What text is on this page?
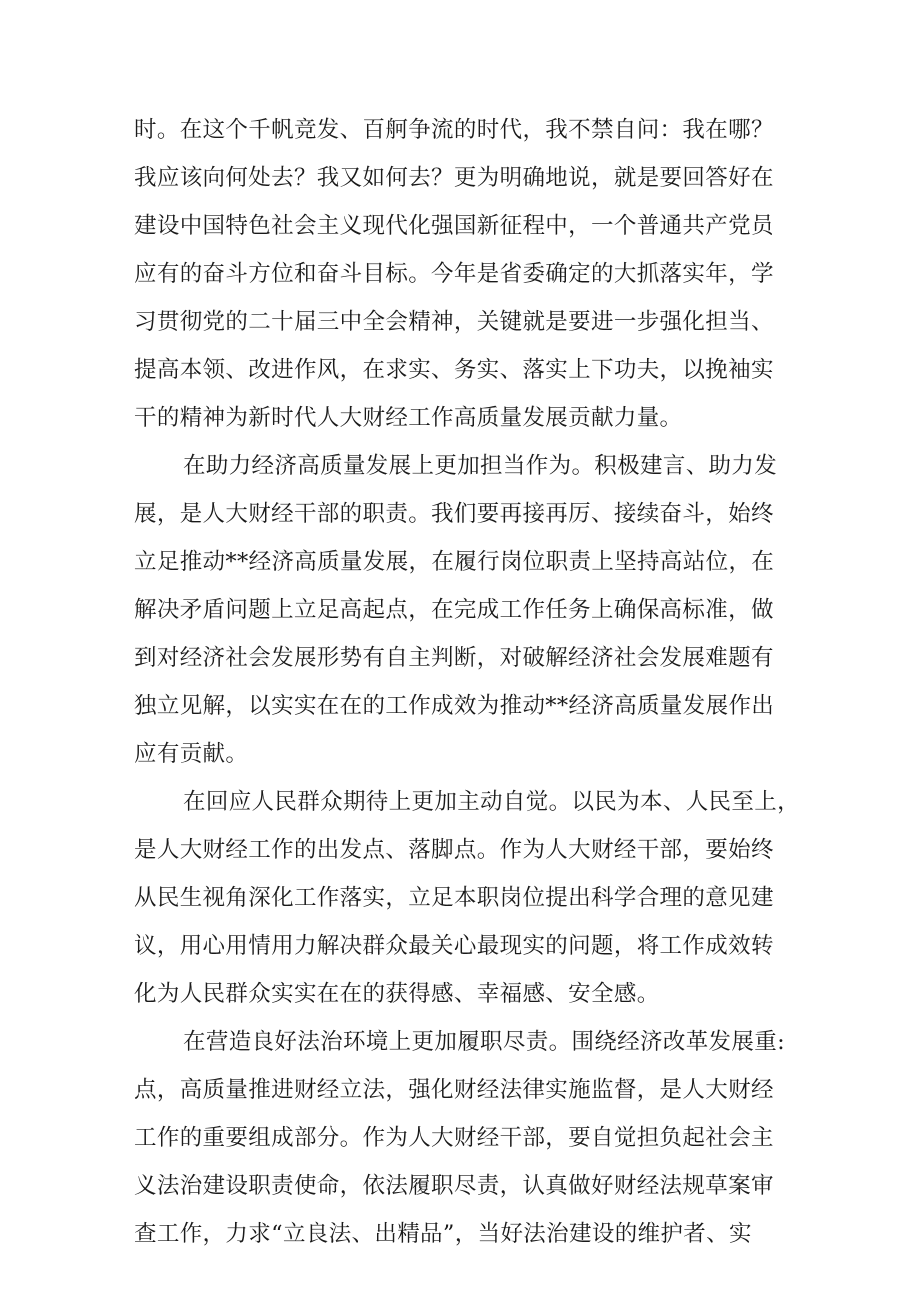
时。在这个千帆竞发、百舸争流的时代，我不禁自问：我在哪？
我应该向何处去？我又如何去？更为明确地说，就是要回答好在
建设中国特色社会主义现代化强国新征程中，一个普通共产党员
应有的奋斗方位和奋斗目标。今年是省委确定的大抓落实年，学
习贯彻党的二十届三中全会精神，关键就是要进一步强化担当、
提高本领、改进作风，在求实、务实、落实上下功夫，以挽袖实
干的精神为新时代人大财经工作高质量发展贡献力量。
在助力经济高质量发展上更加担当作为。积极建言、助力发
展，是人大财经干部的职责。我们要再接再厉、接续奋斗，始终
立足推动**经济高质量发展，在履行岗位职责上坚持高站位，在
解决矛盾问题上立足高起点，在完成工作任务上确保高标准，做
到对经济社会发展形势有自主判断，对破解经济社会发展难题有
独立见解，以实实在在的工作成效为推动**经济高质量发展作出
应有贡献。
在回应人民群众期待上更加主动自觉。以民为本、人民至上，
是人大财经工作的出发点、落脚点。作为人大财经干部，要始终
从民生视角深化工作落实，立足本职岗位提出科学合理的意见建
议，用心用情用力解决群众最关心最现实的问题，将工作成效转
化为人民群众实实在在的获得感、幸福感、安全感。
在营造良好法治环境上更加履职尽责。围绕经济改革发展重:
点，高质量推进财经立法，强化财经法律实施监督，是人大财经
工作的重要组成部分。作为人大财经干部，要自觉担负起社会主
义法治建设职责使命，依法履职尽责，认真做好财经法规草案审
查工作，力求“立良法、出精品”，当好法治建设的维护者、实
